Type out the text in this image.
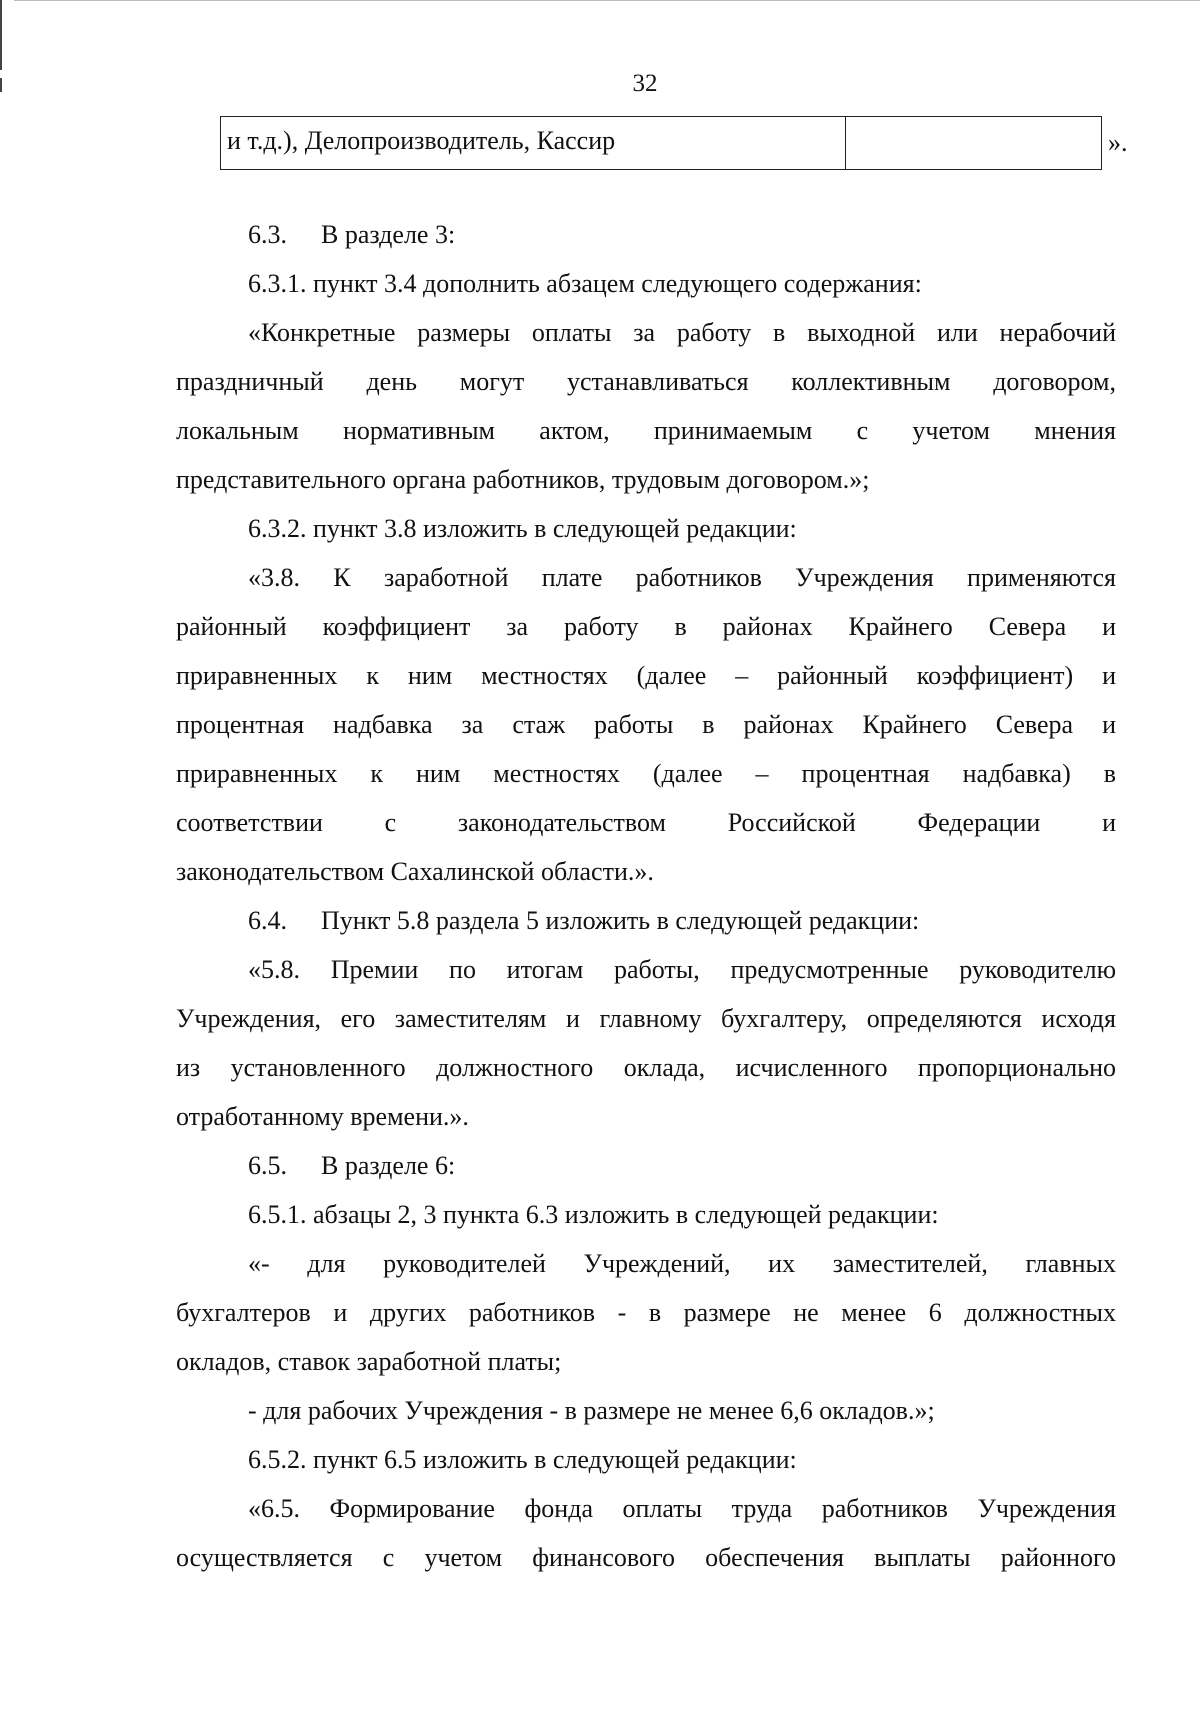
32
и т.д.), Делопроизводитель, Кассир	».
6.3. В разделе 3:
6.3.1. пункт 3.4 дополнить абзацем следующего содержания:
«Конкретные размеры оплаты за работу в выходной или нерабочий
праздничный день могут устанавливаться коллективным договором,
локальным нормативным актом, принимаемым с учетом мнения
представительного органа работников, трудовым договором.»;
6.3.2. пункт 3.8 изложить в следующей редакции:
«3.8. К заработной плате работников Учреждения применяются
районный коэффициент за работу в районах Крайнего Севера и
приравненных к ним местностях (далее – районный коэффициент) и
процентная надбавка за стаж работы в районах Крайнего Севера и
приравненных к ним местностях (далее – процентная надбавка) в
соответствии с законодательством Российской Федерации и
законодательством Сахалинской области.».
6.4. Пункт 5.8 раздела 5 изложить в следующей редакции:
«5.8. Премии по итогам работы, предусмотренные руководителю
Учреждения, его заместителям и главному бухгалтеру, определяются исходя
из установленного должностного оклада, исчисленного пропорционально
отработанному времени.».
6.5. В разделе 6:
6.5.1. абзацы 2, 3 пункта 6.3 изложить в следующей редакции:
«- для руководителей Учреждений, их заместителей, главных
бухгалтеров и других работников - в размере не менее 6 должностных
окладов, ставок заработной платы;
- для рабочих Учреждения - в размере не менее 6,6 окладов.»;
6.5.2. пункт 6.5 изложить в следующей редакции:
«6.5. Формирование фонда оплаты труда работников Учреждения
осуществляется с учетом финансового обеспечения выплаты районного
